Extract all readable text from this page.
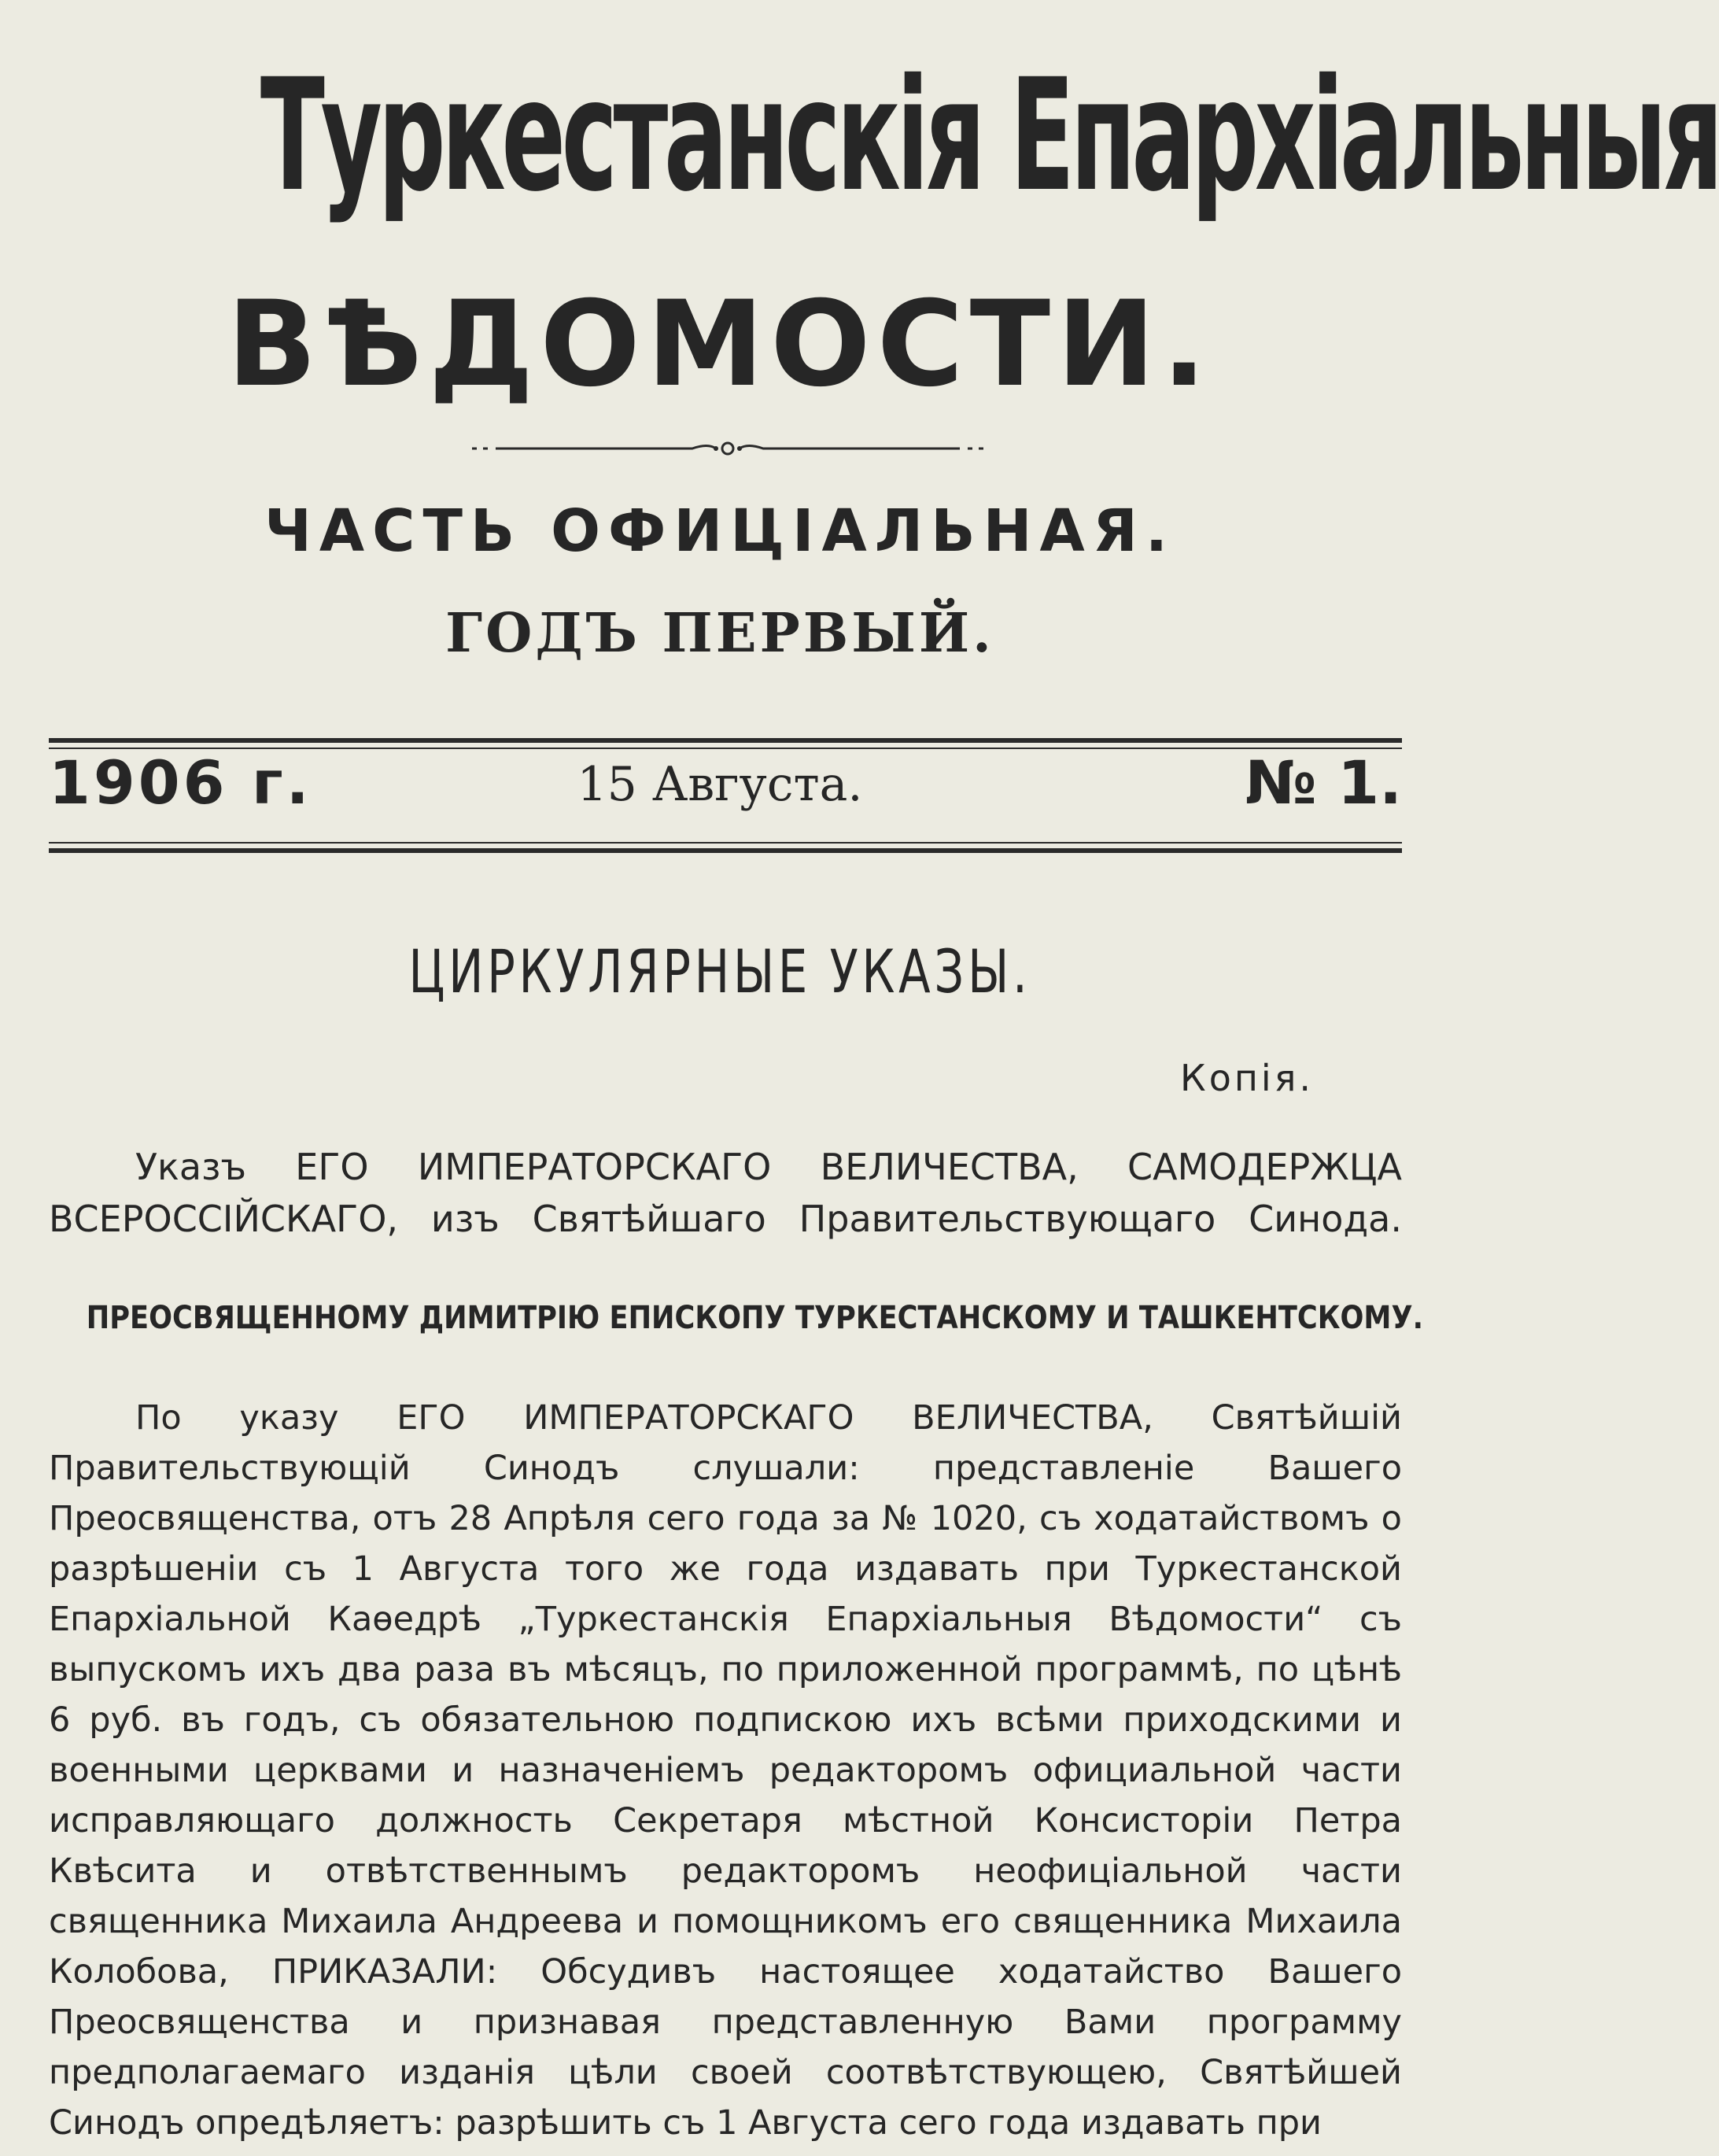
Туркестанскія Епархіальныя
ВѢДОМОСТИ.
ЧАСТЬ ОФИЦІАЛЬНАЯ.
ГОДЪ ПЕРВЫЙ.
1906 г.	15 Августа.	№ 1.
ЦИРКУЛЯРНЫЕ УКАЗЫ.
Копія.
Указъ ЕГО ИМПЕРАТОРСКАГО ВЕЛИЧЕСТВА, САМОДЕРЖЦА ВСЕРОССІЙСКАГО, изъ Святѣйшаго Правительствующаго Синода.
ПРЕОСВЯЩЕННОМУ ДИМИТРІЮ ЕПИСКОПУ ТУРКЕСТАНСКОМУ И ТАШКЕНТСКОМУ.
По указу ЕГО ИМПЕРАТОРСКАГО ВЕЛИЧЕСТВА, Святѣйшій Правительствующій Синодъ слушали: представленіе Вашего Преосвященства, отъ 28 Апрѣля сего года за № 1020, съ ходатайствомъ о разрѣшеніи съ 1 Августа того же года издавать при Туркестанской Епархіальной Каѳедрѣ „Туркестанскія Епархіальныя Вѣдомости“ съ выпускомъ ихъ два раза въ мѣсяцъ, по приложенной программѣ, по цѣнѣ 6 руб. въ годъ, съ обязательною подпискою ихъ всѣми приходскими и военными церквами и назначеніемъ редакторомъ официальной части исправляющаго должность Секретаря мѣстной Консисторіи Петра Квѣсита и отвѣтственнымъ редакторомъ неофиціальной части священника Михаила Андреева и помощникомъ его священника Михаила Колобова, ПРИКАЗАЛИ: Обсудивъ настоящее ходатайство Вашего Преосвященства и признавая представленную Вами программу предполагаемаго изданія цѣли своей соотвѣтствующею, Святѣйшей Синодъ опредѣляетъ: разрѣшить съ 1 Августа сего года издавать при
